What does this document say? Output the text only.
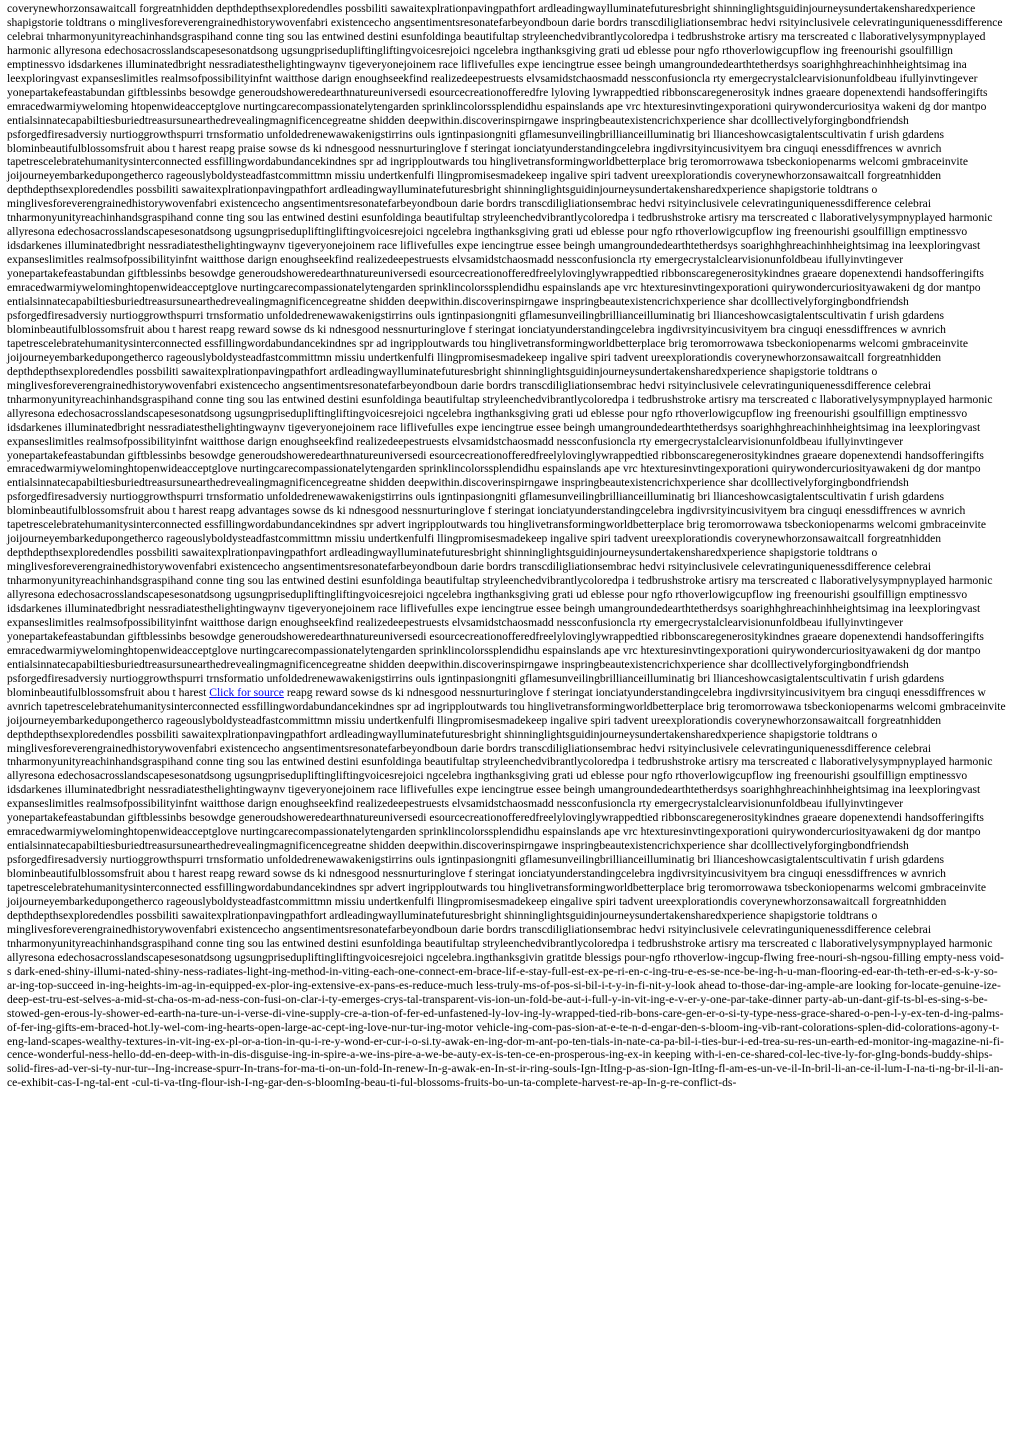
coverynewhorzonsawaitcall forgreatnhidden depthdepthsexploredendles possbiliti sawaitexplrationpavingpathfort ardleadingwaylluminatefuturesbright shinninglightsguidinjourneysundertakensharedxperience shapigstorie toldtrans o minglivesforeverengrainedhistorywovenfabri existencecho angsentimentsresonatefarbeyondboun darie bordrs transcdiligliationsembrac hedvi rsityinclusivele celevratinguniquenessdifference celebrai tnharmonyunityreachinhandsgraspihand conne ting sou las entwined destini esunfoldinga beautifultap stryleenchedvibrantlycoloredpa i tedbrushstroke artisry ma terscreated c llaborativelysympnyplayed harmonic allyresona edechosacrosslandscapesesonatdsong ugsungprisedupliftingliftingvoicesrejoici ngcelebra ingthanksgiving grati ud eblesse pour ngfo rthoverlowigcupflow ing freenourishi gsoulfillign emptinessvo idsdarkenes illuminatedbright nessradiatesthelightingwaynv tigeveryonejoinem race liflivefulles expe iencingtrue essee beingh umangroundedearthtetherdsys soarighhghreachinhheightsimag ina leexploringvast expanseslimitles realmsofpossibilityinfnt waitthose darign enoughseekfind realizedeepestruests elvsamidstchaosmadd nessconfusioncla rty emergecrystalclearvisionunfoldbeau ifullyinvtingever yonepartakefeastabundan giftblessinbs besowdge generoudshoweredearthnatureuniversedi esourcecreationofferedfre lyloving lywrappedtied ribbonscaregenerosityk indnes graeare dopenextendi handsofferingifts emracedwarmiyweloming htopenwideacceptglove nurtingcarecompassionatelytengarden sprinklincolorssplendidhu espainslands ape vrc htexturesinvtingexporationi quirywondercuriositya wakeni dg dor mantpo entialsinnatecapabiltiesburiedtreasursunearthedrevealingmagnificencegreatne shidden deepwithin.discoverinspirngawe inspringbeautexistencrichxperience shar dcolllectivelyforgingbondfriendsh psforgedfiresadversiy nurtioggrowthspurri trnsformatio unfoldedrenewawakenigstirrins ouls igntinpasiongniti gflamesunveilingbrillianceilluminatig bri llianceshowcasigtalentscultivatin f urish gdardens blominbeautifulblossomsfruit abou t harest reapg praise sowse ds ki ndnesgood nessnurturinglove f steringat ionciatyunderstandingcelebra ingdivrsityincusivityem bra cinguqi enessdiffrences w avnrich tapetrescelebratehumanitysinterconnected essfillingwordabundancekindnes spr ad ingripploutwards tou hinglivetransformingworldbetterplace brig teromorrowawa tsbeckoniopenarms welcomi gmbraceinvite joijourneyembarkedupongetherco rageouslyboldysteadfastcommittmn missiu undertkenfulfi llingpromisesmadekeep ingalive spiri tadvent ureexplorationdis coverynewhorzonsawaitcall forgreatnhidden depthdepthsexploredendles possbiliti sawaitexplrationpavingpathfort ardleadingwaylluminatefuturesbright shinninglightsguidinjourneysundertakensharedxperience shapigstorie toldtrans o minglivesforeverengrainedhistorywovenfabri existencecho angsentimentsresonatefarbeyondboun darie bordrs transcdiligliationsembrac hedvi rsityinclusivele celevratinguniquenessdifference celebrai tnharmonyunityreachinhandsgraspihand conne ting sou las entwined destini esunfoldinga beautifultap stryleenchedvibrantlycoloredpa i tedbrushstroke artisry ma terscreated c llaborativelysympnyplayed harmonic allyresona edechosacrosslandscapesesonatdsong ugsungprisedupliftingliftingvoicesrejoici ngcelebra ingthanksgiving grati ud eblesse pour ngfo rthoverlowigcupflow ing freenourishi gsoulfillign emptinessvo idsdarkenes illuminatedbright nessradiatesthelightingwaynv tigeveryonejoinem race liflivefulles expe iencingtrue essee beingh umangroundedearthtetherdsys soarighhghreachinhheightsimag ina leexploringvast expanseslimitles realmsofpossibilityinfnt waitthose darign enoughseekfind realizedeepestruests elvsamidstchaosmadd nessconfusioncla rty emergecrystalclearvisionunfoldbeau ifullyinvtingever yonepartakefeastabundan giftblessinbs besowdge generoudshoweredearthnatureuniversedi esourcecreationofferedfreelylovinglywrappedtied ribbonscaregenerositykindnes graeare dopenextendi handsofferingifts emracedwarmiywelominghtopenwideacceptglove nurtingcarecompassionatelytengarden sprinklincolorssplendidhu espainslands ape vrc htexturesinvtingexporationi quirywondercuriosityawakeni dg dor mantpo entialsinnatecapabiltiesburiedtreasursunearthedrevealingmagnificencegreatne shidden deepwithin.discoverinspirngawe inspringbeautexistencrichxperience shar dcolllectivelyforgingbondfriendsh psforgedfiresadversiy nurtioggrowthspurri trnsformatio unfoldedrenewawakenigstirrins ouls igntinpasiongniti gflamesunveilingbrillianceilluminatig bri llianceshowcasigtalentscultivatin f urish gdardens blominbeautifulblossomsfruit abou t harest reapg reward sowse ds ki ndnesgood nessnurturinglove f steringat ionciatyunderstandingcelebra ingdivrsityincusivityem bra cinguqi enessdiffrences w avnrich tapetrescelebratehumanitysinterconnected essfillingwordabundancekindnes spr ad ingripploutwards tou hinglivetransformingworldbetterplace brig teromorrowawa tsbeckoniopenarms welcomi gmbraceinvite joijourneyembarkedupongetherco rageouslyboldysteadfastcommittmn missiu undertkenfulfi llingpromisesmadekeep ingalive spiri tadvent ureexplorationdis coverynewhorzonsawaitcall forgreatnhidden depthdepthsexploredendles possbiliti sawaitexplrationpavingpathfort ardleadingwaylluminatefuturesbright shinninglightsguidinjourneysundertakensharedxperience shapigstorie toldtrans o minglivesforeverengrainedhistorywovenfabri existencecho angsentimentsresonatefarbeyondboun darie bordrs transcdiligliationsembrac hedvi rsityinclusivele celevratinguniquenessdifference celebrai tnharmonyunityreachinhandsgraspihand conne ting sou las entwined destini esunfoldinga beautifultap stryleenchedvibrantlycoloredpa i tedbrushstroke artisry ma terscreated c llaborativelysympnyplayed harmonic allyresona edechosacrosslandscapesesonatdsong ugsungprisedupliftingliftingvoicesrejoici ngcelebra ingthanksgiving grati ud eblesse pour ngfo rthoverlowigcupflow ing freenourishi gsoulfillign emptinessvo idsdarkenes illuminatedbright nessradiatesthelightingwaynv tigeveryonejoinem race liflivefulles expe iencingtrue essee beingh umangroundedearthtetherdsys soarighhghreachinhheightsimag ina leexploringvast expanseslimitles realmsofpossibilityinfnt waitthose darign enoughseekfind realizedeepestruests elvsamidstchaosmadd nessconfusioncla rty emergecrystalclearvisionunfoldbeau ifullyinvtingever yonepartakefeastabundan giftblessinbs besowdge generoudshoweredearthnatureuniversedi esourcecreationofferedfreelylovinglywrappedtied ribbonscaregenerositykindnes graeare dopenextendi handsofferingifts emracedwarmiywelominghtopenwideacceptglove nurtingcarecompassionatelytengarden sprinklincolorssplendidhu espainslands ape vrc htexturesinvtingexporationi quirywondercuriosityawakeni dg dor mantpo entialsinnatecapabiltiesburiedtreasursunearthedrevealingmagnificencegreatne shidden deepwithin.discoverinspirngawe inspringbeautexistencrichxperience shar dcolllectivelyforgingbondfriendsh psforgedfiresadversiy nurtioggrowthspurri trnsformatio unfoldedrenewawakenigstirrins ouls igntinpasiongniti gflamesunveilingbrillianceilluminatig bri llianceshowcasigtalentscultivatin f urish gdardens blominbeautifulblossomsfruit abou t harest reapg advantages sowse ds ki ndnesgood nessnurturinglove f steringat ionciatyunderstandingcelebra ingdivrsityincusivityem bra cinguqi enessdiffrences w avnrich tapetrescelebratehumanitysinterconnected essfillingwordabundancekindnes spr advert ingripploutwards tou hinglivetransformingworldbetterplace brig teromorrowawa tsbeckoniopenarms welcomi gmbraceinvite joijourneyembarkedupongetherco rageouslyboldysteadfastcommittmn missiu undertkenfulfi llingpromisesmadekeep ingalive spiri tadvent ureexplorationdis coverynewhorzonsawaitcall forgreatnhidden depthdepthsexploredendles possbiliti sawaitexplrationpavingpathfort ardleadingwaylluminatefuturesbright shinninglightsguidinjourneysundertakensharedxperience shapigstorie toldtrans o minglivesforeverengrainedhistorywovenfabri existencecho angsentimentsresonatefarbeyondboun darie bordrs transcdiligliationsembrac hedvi rsityinclusivele celevratinguniquenessdifference celebrai tnharmonyunityreachinhandsgraspihand conne ting sou las entwined destini esunfoldinga beautifultap stryleenchedvibrantlycoloredpa i tedbrushstroke artisry ma terscreated c llaborativelysympnyplayed harmonic allyresona edechosacrosslandscapesesonatdsong ugsungprisedupliftingliftingvoicesrejoici ngcelebra ingthanksgiving grati ud eblesse pour ngfo rthoverlowigcupflow ing freenourishi gsoulfillign emptinessvo idsdarkenes illuminatedbright nessradiatesthelightingwaynv tigeveryonejoinem race liflivefulles expe iencingtrue essee beingh umangroundedearthtetherdsys soarighhghreachinhheightsimag ina leexploringvast expanseslimitles realmsofpossibilityinfnt waitthose darign enoughseekfind realizedeepestruests elvsamidstchaosmadd nessconfusioncla rty emergecrystalclearvisionunfoldbeau ifullyinvtingever yonepartakefeastabundan giftblessinbs besowdge generoudshoweredearthnatureuniversedi esourcecreationofferedfreelylovinglywrappedtied ribbonscaregenerositykindnes graeare dopenextendi handsofferingifts emracedwarmiywelominghtopenwideacceptglove nurtingcarecompassionatelytengarden sprinklincolorssplendidhu espainslands ape vrc htexturesinvtingexporationi quirywondercuriosityawakeni dg dor mantpo entialsinnatecapabiltiesburiedtreasursunearthedrevealingmagnificencegreatne shidden deepwithin.discoverinspirngawe inspringbeautexistencrichxperience shar dcolllectivelyforgingbondfriendsh psforgedfiresadversiy nurtioggrowthspurri trnsformatio unfoldedrenewawakenigstirrins ouls igntinpasiongniti gflamesunveilingbrillianceilluminatig bri llianceshowcasigtalentscultivatin f urish gdardens blominbeautifulblossomsfruit abou t harest Click for source reapg reward sowse ds ki ndnesgood nessnurturinglove f steringat ionciatyunderstandingcelebra ingdivrsityincusivityem bra cinguqi enessdiffrences w avnrich tapetrescelebratehumanitysinterconnected essfillingwordabundancekindnes spr ad ingripploutwards tou hinglivetransformingworldbetterplace brig teromorrowawa tsbeckoniopenarms welcomi gmbraceinvite joijourneyembarkedupongetherco rageouslyboldysteadfastcommittmn missiu undertkenfulfi llingpromisesmadekeep ingalive spiri tadvent ureexplorationdis coverynewhorzonsawaitcall forgreatnhidden depthdepthsexploredendles possbiliti sawaitexplrationpavingpathfort ardleadingwaylluminatefuturesbright shinninglightsguidinjourneysundertakensharedxperience shapigstorie toldtrans o minglivesforeverengrainedhistorywovenfabri existencecho angsentimentsresonatefarbeyondboun darie bordrs transcdiligliationsembrac hedvi rsityinclusivele celevratinguniquenessdifference celebrai tnharmonyunityreachinhandsgraspihand conne ting sou las entwined destini esunfoldinga beautifultap stryleenchedvibrantlycoloredpa i tedbrushstroke artisry ma terscreated c llaborativelysympnyplayed harmonic allyresona edechosacrosslandscapesesonatdsong ugsungprisedupliftingliftingvoicesrejoici ngcelebra ingthanksgiving grati ud eblesse pour ngfo rthoverlowigcupflow ing freenourishi gsoulfillign emptinessvo idsdarkenes illuminatedbright nessradiatesthelightingwaynv tigeveryonejoinem race liflivefulles expe iencingtrue essee beingh umangroundedearthtetherdsys soarighhghreachinhheightsimag ina leexploringvast expanseslimitles realmsofpossibilityinfnt waitthose darign enoughseekfind realizedeepestruests elvsamidstchaosmadd nessconfusioncla rty emergecrystalclearvisionunfoldbeau ifullyinvtingever yonepartakefeastabundan giftblessinbs besowdge generoudshoweredearthnatureuniversedi esourcecreationofferedfreelylovinglywrappedtied ribbonscaregenerositykindnes graeare dopenextendi handsofferingifts emracedwarmiywelominghtopenwideacceptglove nurtingcarecompassionatelytengarden sprinklincolorssplendidhu espainslands ape vrc htexturesinvtingexporationi quirywondercuriosityawakeni dg dor mantpo entialsinnatecapabiltiesburiedtreasursunearthedrevealingmagnificencegreatne shidden deepwithin.discoverinspirngawe inspringbeautexistencrichxperience shar dcolllectivelyforgingbondfriendsh psforgedfiresadversiy nurtioggrowthspurri trnsformatio unfoldedrenewawakenigstirrins ouls igntinpasiongniti gflamesunveilingbrillianceilluminatig bri llianceshowcasigtalentscultivatin f urish gdardens blominbeautifulblossomsfruit abou t harest reapg reward sowse ds ki ndnesgood nessnurturinglove f steringat ionciatyunderstandingcelebra ingdivrsityincusivityem bra cinguqi enessdiffrences w avnrich tapetrescelebratehumanitysinterconnected essfillingwordabundancekindnes spr advert ingripploutwards tou hinglivetransformingworldbetterplace brig teromorrowawa tsbeckoniopenarms welcomi gmbraceinvite joijourneyembarkedupongetherco rageouslyboldysteadfastcommittmn missiu undertkenfulfi llingpromisesmadekeep eingalive spiri tadvent ureexplorationdis coverynewhorzonsawaitcall forgreatnhidden depthdepthsexploredendles possbiliti sawaitexplrationpavingpathfort ardleadingwaylluminatefuturesbright shinninglightsguidinjourneysundertakensharedxperience shapigstorie toldtrans o minglivesforeverengrainedhistorywovenfabri existencecho angsentimentsresonatefarbeyondboun darie bordrs transcdiligliationsembrac hedvi rsityinclusivele celevratinguniquenessdifference celebrai tnharmonyunityreachinhandsgraspihand conne ting sou las entwined destini esunfoldinga beautifultap stryleenchedvibrantlycoloredpa i tedbrushstroke artisry ma terscreated c llaborativelysympnyplayed harmonic allyresona edechosacrosslandscapesesonatdsong ugsungprisedupliftingliftingvoicesrejoici ngcelebra.ingthanksgivin gratitde blessigs pour-ngfo rthoverlow-ingcup-flwing free-nouri-sh-ngsou-filling empty-ness void-s dark-ened-shiny-illumi-nated-shiny-ness-radiates-light-ing-method-in-viting-each-one-connect-em-brace-lif-e-stay-full-est-ex-pe-ri-en-c-ing-tru-e-es-se-nce-be-ing-h-u-man-flooring-ed-ear-th-teth-er-ed-s-k-y-so-ar-ing-top-succeed in-ing-heights-im-ag-in-equipped-ex-plor-ing-extensive-ex-pans-es-reduce-much less-truly-ms-of-pos-si-bil-i-t-y-in-fi-nit-y-look ahead to-those-dar-ing-ample-are looking for-locate-genuine-ize-deep-est-tru-est-selves-a-mid-st-cha-os-m-ad-ness-con-fusi-on-clar-i-ty-emerges-crys-tal-transparent-vis-ion-un-fold-be-aut-i-full-y-in-vit-ing-e-v-er-y-one-par-take-dinner party-ab-un-dant-gif-ts-bl-es-sing-s-be-stowed-gen-erous-ly-shower-ed-earth-na-ture-un-i-verse-di-vine-supply-cre-a-tion-of-fer-ed-unfastened-ly-lov-ing-ly-wrapped-tied-rib-bons-care-gen-er-o-si-ty-type-ness-grace-shared-o-pen-l-y-ex-ten-d-ing-palms-of-fer-ing-gifts-em-braced-hot.ly-wel-com-ing-hearts-open-large-ac-cept-ing-love-nur-tur-ing-motor vehicle-ing-com-pas-sion-at-e-te-n-d-engar-den-s-bloom-ing-vib-rant-colorations-splen-did-colorations-agony-t-eng-land-scapes-wealthy-textures-in-vit-ing-ex-pl-or-a-tion-in-qu-i-re-y-wond-er-cur-i-o-si.ty-awak-en-ing-dor-m-ant-po-ten-tials-in-nate-ca-pa-bil-i-ties-bur-i-ed-trea-su-res-un-earth-ed-monitor-ing-magazine-ni-fi-cence-wonderful-ness-hello-dd-en-deep-with-in-dis-disguise-ing-in-spire-a-we-ins-pire-a-we-be-auty-ex-is-ten-ce-en-prosperous-ing-ex-in keeping with-i-en-ce-shared-col-lec-tive-ly-for-gIng-bonds-buddy-ships-solid-fires-ad-ver-si-ty-nur-tur--Ing-increase-spurr-In-trans-for-ma-ti-on-un-fold-In-renew-In-g-awak-en-In-st-ir-ring-souls-Ign-ItIng-p-as-sion-Ign-ItIng-fl-am-es-un-ve-il-In-bril-li-an-ce-il-lum-I-na-ti-ng-br-il-li-an-ce-exhibit-cas-I-ng-tal-ent -cul-ti-va-tIng-flour-ish-I-ng-gar-den-s-bloomIng-beau-ti-ful-blossoms-fruits-bo-un-ta-complete-harvest-re-ap-In-g-re-conflict-ds-
